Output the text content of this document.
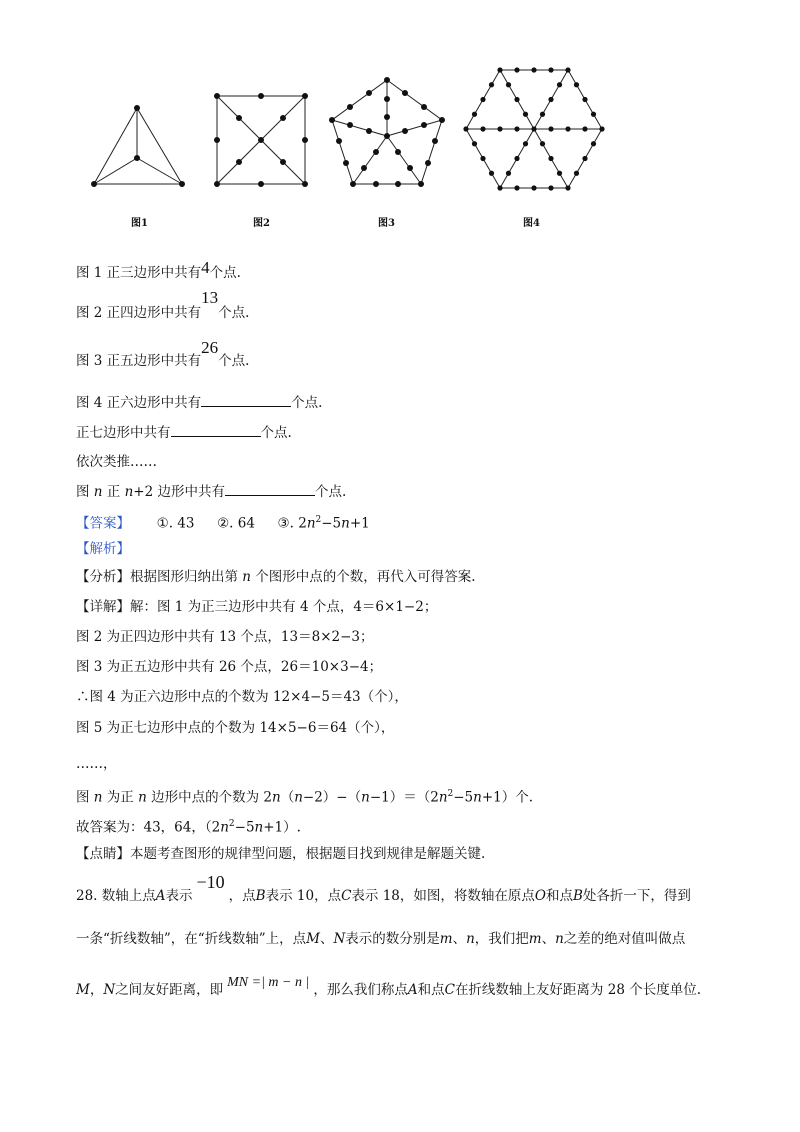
图1	图2	图3	图4
图 1 正三边形中共有4个点.
图 2 正四边形中共有13个点.
图 3 正五边形中共有26个点.
图 4 正六边形中共有	个点.
正七边形中共有	个点.
依次类推……
图 n 正 n+2 边形中共有	个点.
【答案】 ①. 43 ②. 64 ③. $2n^2-5n+1$
【解析】
【分析】根据图形归纳出第 n 个图形中点的个数，再代入可得答案.
【详解】解：图 1 为正三边形中共有 4 个点，4＝6×1−2；
图 2 为正四边形中共有 13 个点，13＝8×2−3；
图 3 为正五边形中共有 26 个点，26＝10×3−4；
∴图 4 为正六边形中点的个数为 12×4−5＝43（个），
图 5 为正七边形中点的个数为 14×5−6＝64（个），
……，
图 n 为正 n 边形中点的个数为 $2n(n-2)-(n-1)=(2n^2-5n+1)$个.
故答案为：43，64，$(2n^2-5n+1)$.
【点睛】本题考查图形的规律型问题，根据题目找到规律是解题关键.
28. 数轴上点A表示−10，点B表示 10，点C表示 18，如图，将数轴在原点O和点B处各折一下，得到
一条“折线数轴”，在“折线数轴”上，点M、N表示的数分别是m、n，我们把m、n之差的绝对值叫做点
M，N之间友好距离，即 MN =| m − n | ，那么我们称点A和点C在折线数轴上友好距离为 28 个长度单位.
